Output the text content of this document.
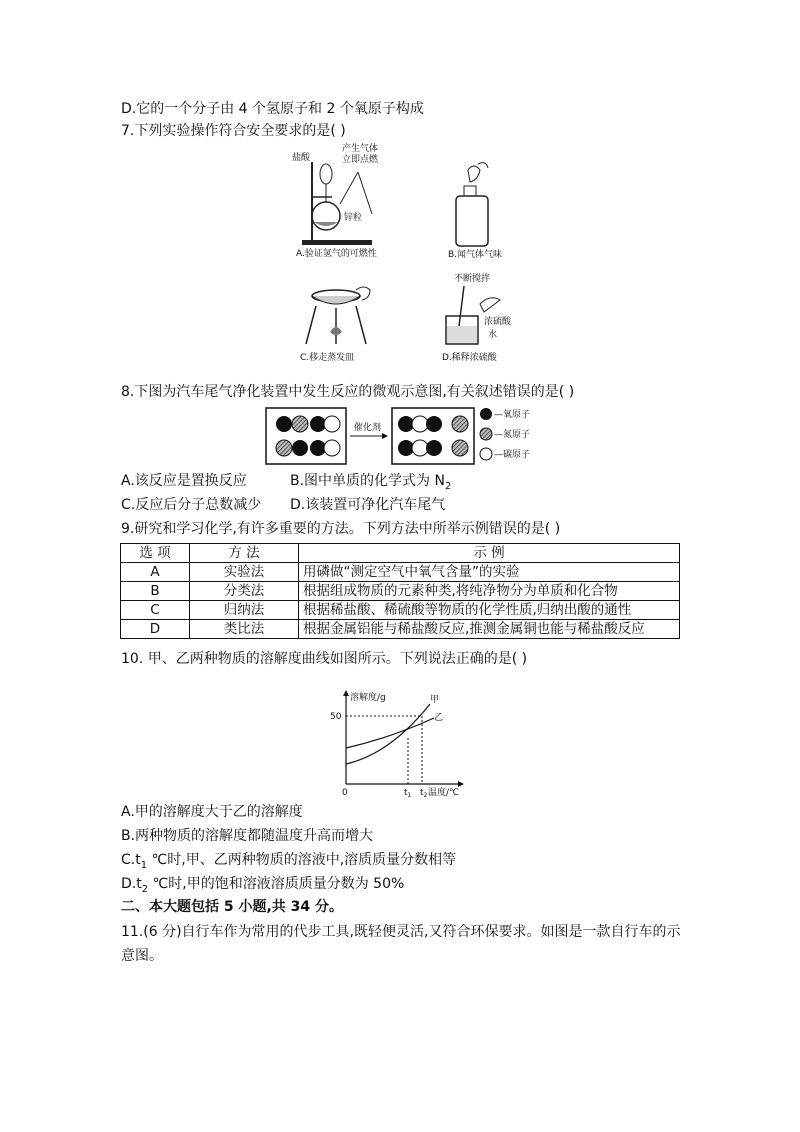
D.它的一个分子由 4 个氢原子和 2 个氧原子构成
7.下列实验操作符合安全要求的是( )
盐酸
产生气体
立即点燃
锌粒
A.验证氢气的可燃性	B.闻气体气味
C.移走蒸发皿
不断搅拌
浓硫酸
水
D.稀释浓硫酸
8.下图为汽车尾气净化装置中发生反应的微观示意图,有关叙述错误的是( )
催化剂
—氧原子
—氮原子
—碳原子
A.该反应是置换反应	B.图中单质的化学式为 $N_2$
C.反应后分子总数减少 D.该装置可净化汽车尾气
9.研究和学习化学,有许多重要的方法。下列方法中所举示例错误的是( )
选 项	方 法	示 例
A	实验法	用磷做“测定空气中氧气含量”的实验
B	分类法	根据组成物质的元素种类,将纯净物分为单质和化合物
C	归纳法	根据稀盐酸、稀硫酸等物质的化学性质,归纳出酸的通性
D	类比法	根据金属铝能与稀盐酸反应,推测金属铜也能与稀盐酸反应
10. 甲、乙两种物质的溶解度曲线如图所示。下列说法正确的是( )
溶解度/g
50
0
甲
乙
$t_1$ $t_2$ 温度/℃
A.甲的溶解度大于乙的溶解度
B.两种物质的溶解度都随温度升高而增大
$C.t_1$ ℃时,甲、乙两种物质的溶液中,溶质质量分数相等
$D.t_2$ ℃时,甲的饱和溶液溶质质量分数为 50%
二、本大题包括 5 小题,共 34 分。
11.(6 分)自行车作为常用的代步工具,既轻便灵活,又符合环保要求。如图是一款自行车的示意图。
